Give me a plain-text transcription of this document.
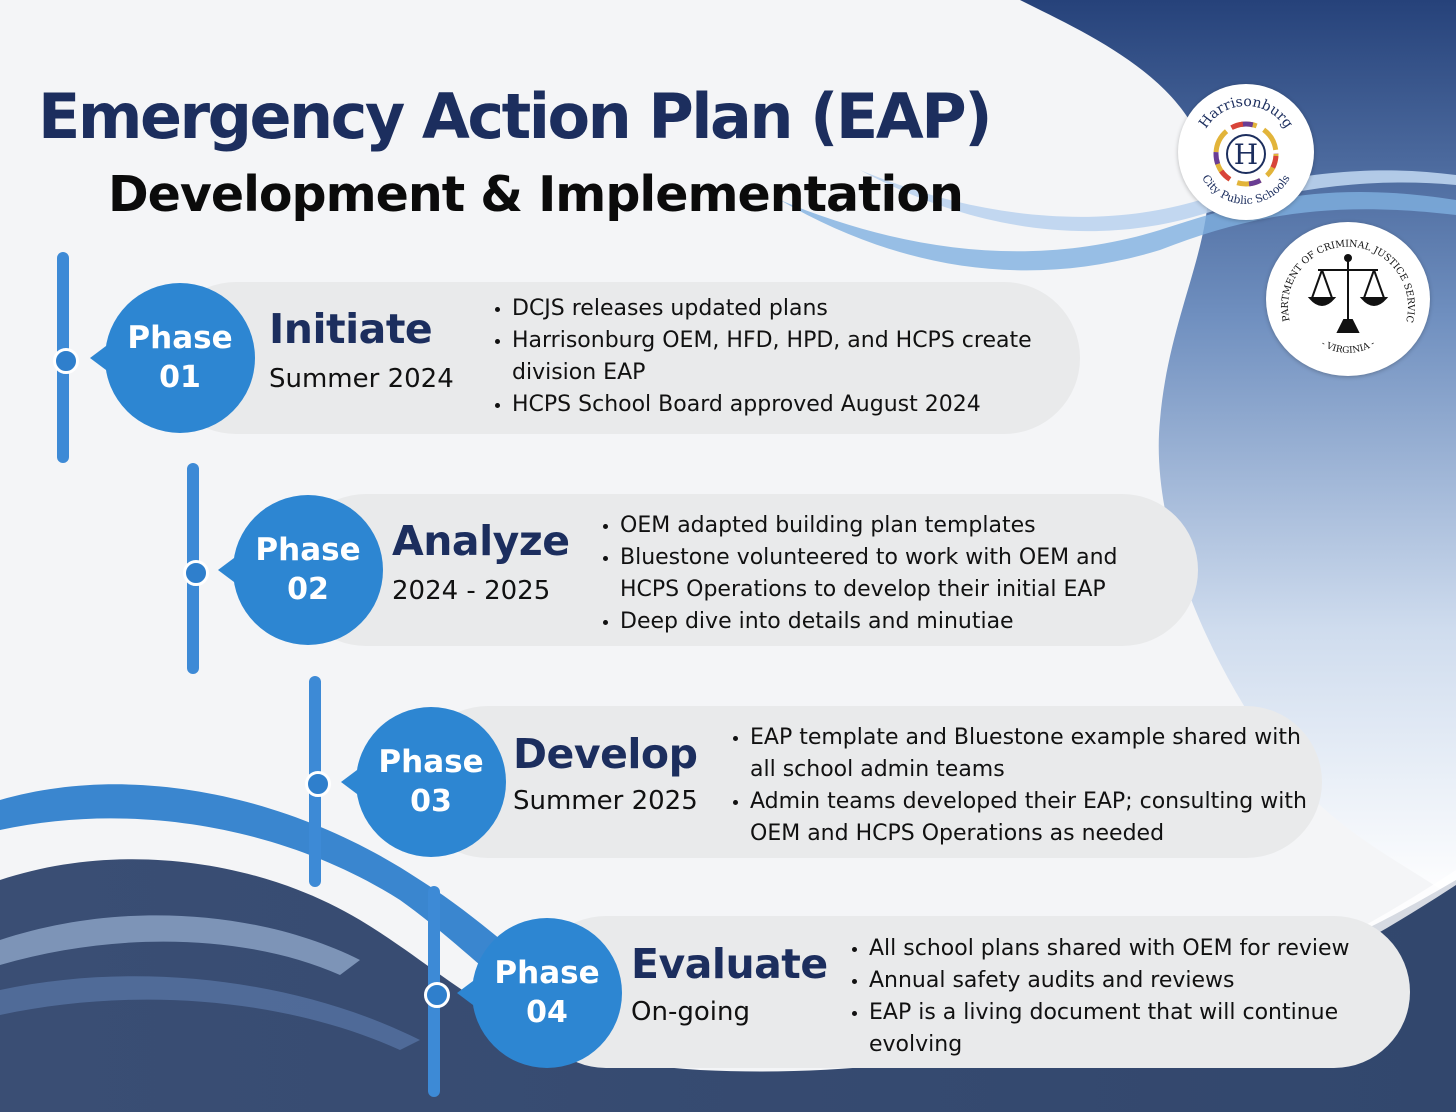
Emergency Action Plan (EAP)
Development & Implementation
Harrisonburg
City Public Schools
H
PARTMENT OF CRIMINAL JUSTICE SERVIC
- VIRGINIA -
Phase
01
Initiate
Summer 2024
• DCJS releases updated plans
• Harrisonburg OEM, HFD, HPD, and HCPS create division EAP
• HCPS School Board approved August 2024
Phase
02
Analyze
2024 - 2025
• OEM adapted building plan templates
• Bluestone volunteered to work with OEM and HCPS Operations to develop their initial EAP
• Deep dive into details and minutiae
Phase
03
Develop
Summer 2025
• EAP template and Bluestone example shared with all school admin teams
• Admin teams developed their EAP; consulting with OEM and HCPS Operations as needed
Phase
04
Evaluate
On-going
• All school plans shared with OEM for review
• Annual safety audits and reviews
• EAP is a living document that will continue evolving
